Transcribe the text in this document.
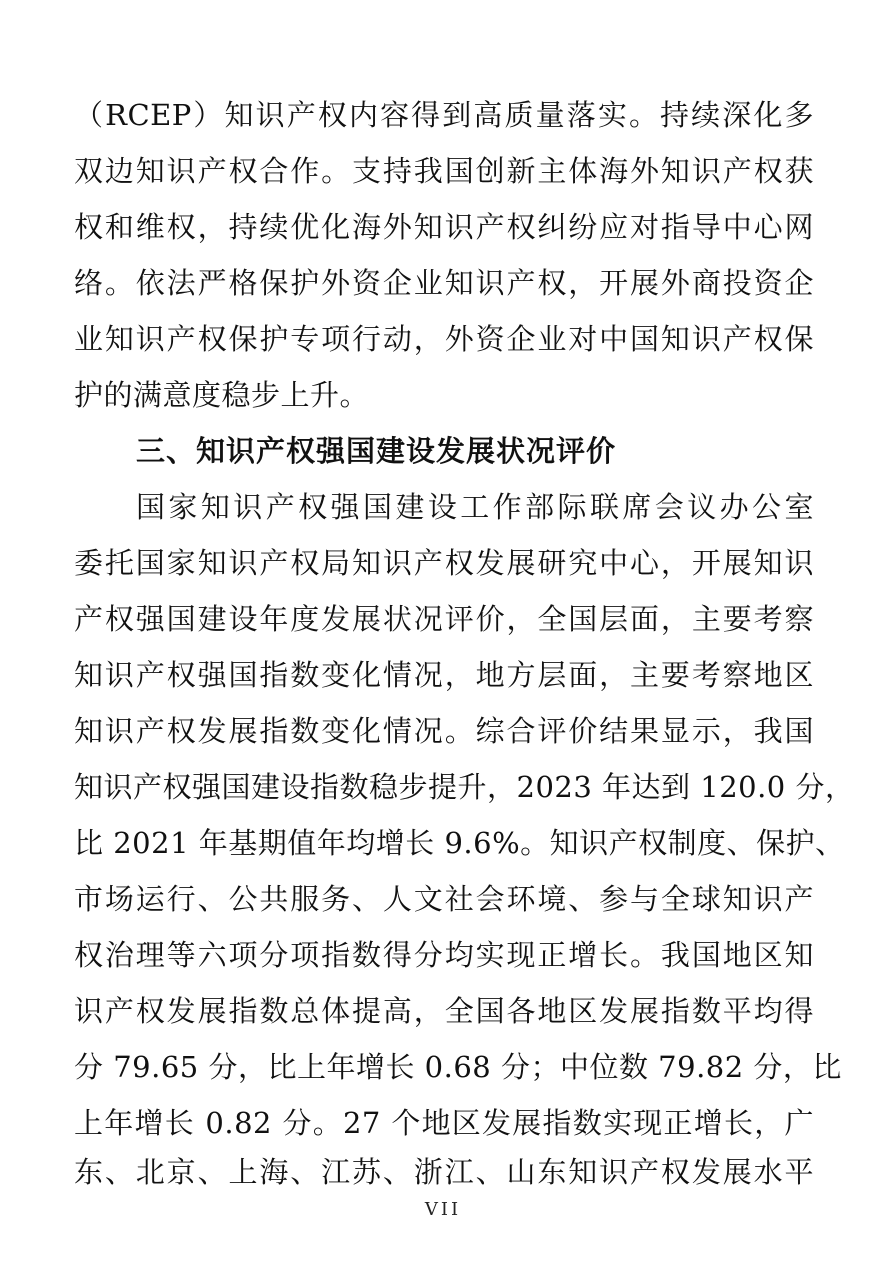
（RCEP）知识产权内容得到高质量落实。持续深化多
双边知识产权合作。支持我国创新主体海外知识产权获
权和维权，持续优化海外知识产权纠纷应对指导中心网
络。依法严格保护外资企业知识产权，开展外商投资企
业知识产权保护专项行动，外资企业对中国知识产权保
护的满意度稳步上升。
三、知识产权强国建设发展状况评价
国家知识产权强国建设工作部际联席会议办公室
委托国家知识产权局知识产权发展研究中心，开展知识
产权强国建设年度发展状况评价，全国层面，主要考察
知识产权强国指数变化情况，地方层面，主要考察地区
知识产权发展指数变化情况。综合评价结果显示，我国
知识产权强国建设指数稳步提升，2023 年达到 120.0 分，
比 2021 年基期值年均增长 9.6%。知识产权制度、保护、
市场运行、公共服务、人文社会环境、参与全球知识产
权治理等六项分项指数得分均实现正增长。我国地区知
识产权发展指数总体提高，全国各地区发展指数平均得
分 79.65 分，比上年增长 0.68 分；中位数 79.82 分，比
上年增长 0.82 分。27 个地区发展指数实现正增长，广
东、北京、上海、江苏、浙江、山东知识产权发展水平
VII
